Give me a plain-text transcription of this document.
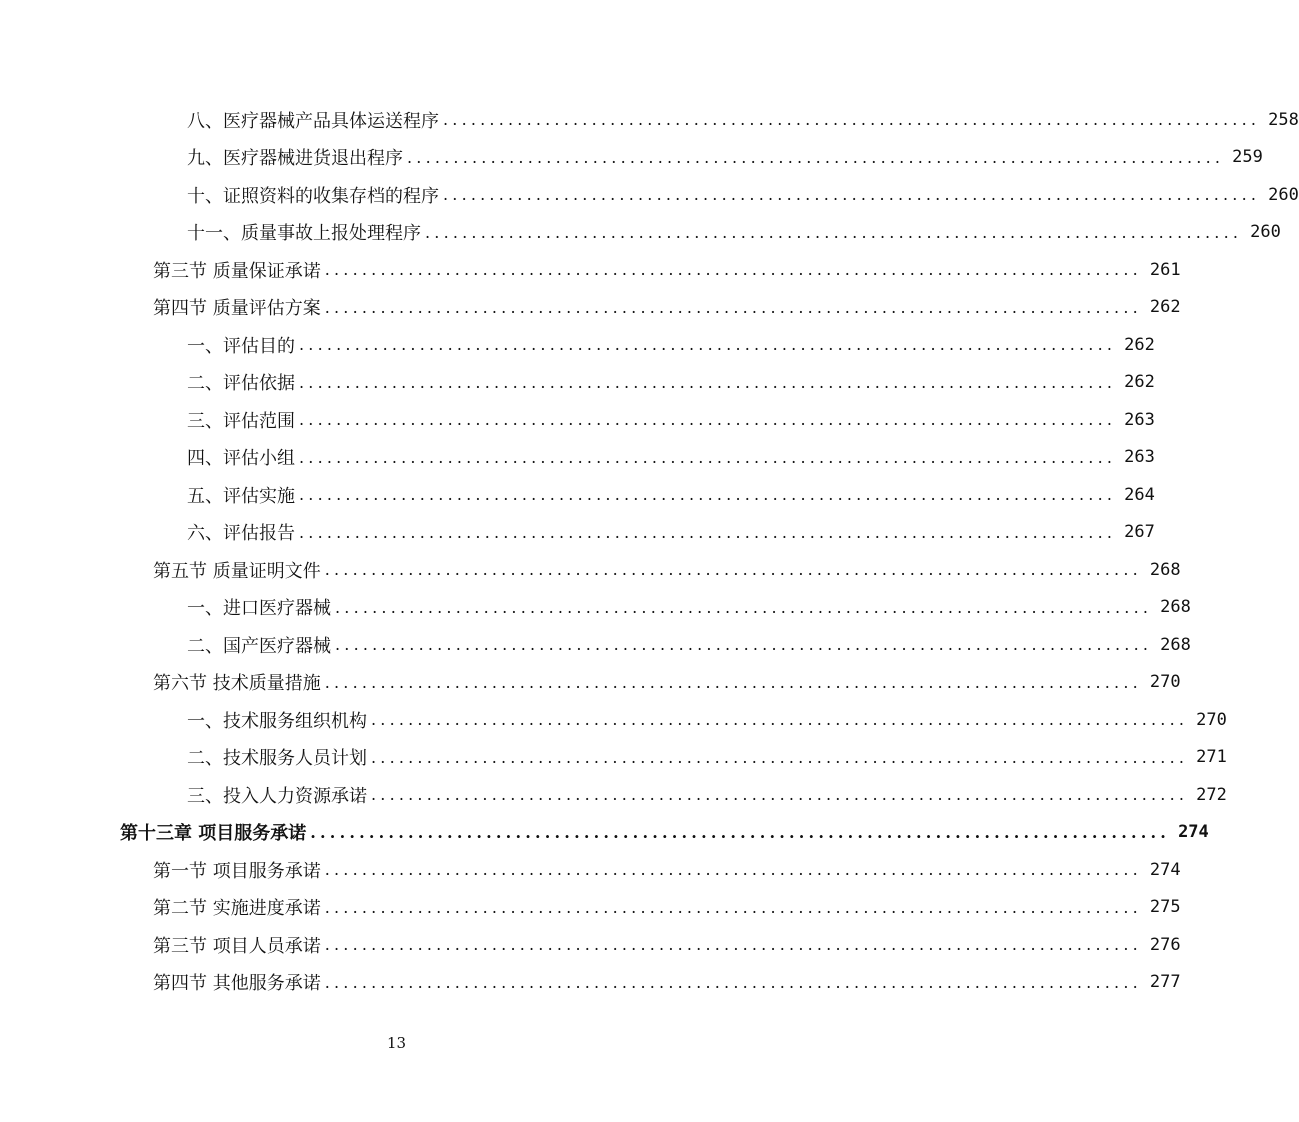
八、医疗器械产品具体运送程序 ........................................................................................ 258
九、医疗器械进货退出程序 ........................................................................................ 259
十、证照资料的收集存档的程序 ........................................................................................ 260
十一、质量事故上报处理程序 ........................................................................................ 260
第三节 质量保证承诺 ........................................................................................ 261
第四节 质量评估方案 ........................................................................................ 262
一、评估目的 ........................................................................................ 262
二、评估依据 ........................................................................................ 262
三、评估范围 ........................................................................................ 263
四、评估小组 ........................................................................................ 263
五、评估实施 ........................................................................................ 264
六、评估报告 ........................................................................................ 267
第五节 质量证明文件 ........................................................................................ 268
一、进口医疗器械 ........................................................................................ 268
二、国产医疗器械 ........................................................................................ 268
第六节 技术质量措施 ........................................................................................ 270
一、技术服务组织机构 ........................................................................................ 270
二、技术服务人员计划 ........................................................................................ 271
三、投入人力资源承诺 ........................................................................................ 272
第十三章 项目服务承诺 ........................................................................................ 274
第一节 项目服务承诺 ........................................................................................ 274
第二节 实施进度承诺 ........................................................................................ 275
第三节 项目人员承诺 ........................................................................................ 276
第四节 其他服务承诺 ........................................................................................ 277
13
